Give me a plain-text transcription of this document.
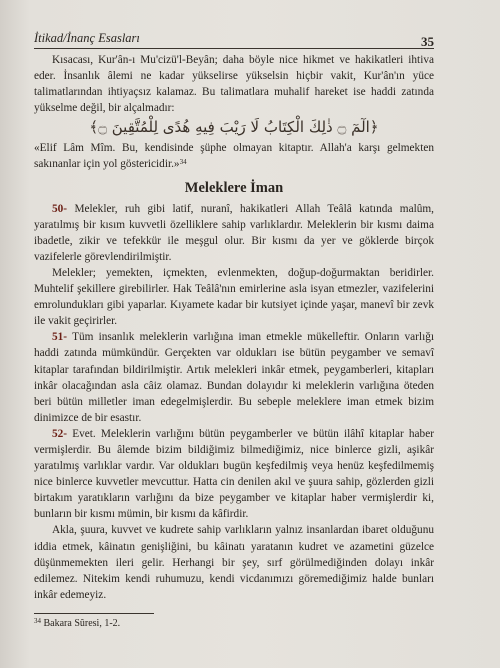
İtikad/İnanç Esasları	35

Kısacası, Kur'ân-ı Mu'cizü'l-Beyân; daha böyle nice hikmet ve hakikatleri ihtiva eder. İnsanlık âlemi ne kadar yükselirse yükselsin hiçbir vakit, Kur'ân'ın yüce talimatlarından ihtiyaçsız kalamaz. Bu talimatlara muhalif hareket ise haddi zatında yükselme değil, bir alçalmadır:

﴿الٓمٓ ۝ ذٰلِكَ الْكِتَابُ لَا رَيْبَ فِيهِ هُدًى لِلْمُتَّقِينَ ۝﴾

«Elif Lâm Mîm. Bu, kendisinde şüphe olmayan kitaptır. Allah'a karşı gelmekten sakınanlar için yol göstericidir.»$^{34}$

Meleklere İman

50- Melekler, ruh gibi latif, nuranî, hakikatleri Allah Teâlâ katında malûm, yaratılmış bir kısım kuvvetli özelliklere sahip varlıklardır. Meleklerin bir kısmı daima ibadetle, zikir ve tefekkür ile meşgul olur. Bir kısmı da yer ve göklerde birçok vazifelerle görevlendirilmiştir.

Melekler; yemekten, içmekten, evlenmekten, doğup-doğurmaktan beridirler. Muhtelif şekillere girebilirler. Hak Teâlâ'nın emirlerine asla isyan etmezler, vazifelerini emrolundukları gibi yaparlar. Kıyamete kadar bir kutsiyet içinde yaşar, manevî bir zevk ile vakit geçirirler.

51- Tüm insanlık meleklerin varlığına iman etmekle mükelleftir. Onların varlığı haddi zatında mümkündür. Gerçekten var oldukları ise bütün peygamber ve semavî kitaplar tarafından bildirilmiştir. Artık melekleri inkâr etmek, peygamberleri, kitapları inkâr olacağından asla câiz olamaz. Bundan dolayıdır ki meleklerin varlığına öteden beri bütün milletler iman edegelmişlerdir. Bu sebeple meleklere iman etmek bizim dinimizce de bir esastır.

52- Evet. Meleklerin varlığını bütün peygamberler ve bütün ilâhî kitaplar haber vermişlerdir. Bu âlemde bizim bildiğimiz bilmediğimiz, nice binlerce gizli, aşikâr yaratılmış varlıklar vardır. Var oldukları bugün keşfedilmiş veya henüz keşfedilmemiş nice binlerce kuvvetler mevcuttur. Hatta cin denilen akıl ve şuura sahip, gözlerden gizli birtakım yaratıkların varlığını da bize peygamber ve kitaplar haber vermişlerdir ki, bunların bir kısmı mümin, bir kısmı da kâfirdir.

Akla, şuura, kuvvet ve kudrete sahip varlıkların yalnız insanlardan ibaret olduğunu iddia etmek, kâinatın genişliğini, bu kâinatı yaratanın kudret ve azametini güzelce düşünmemekten ileri gelir. Herhangi bir şey, sırf görülmediğinden dolayı inkâr edilemez. Nitekim kendi ruhumuzu, kendi vicdanımızı göremediğimiz halde bunları inkâr edemeyiz.

$^{34}$ Bakara Sûresi, 1-2.
